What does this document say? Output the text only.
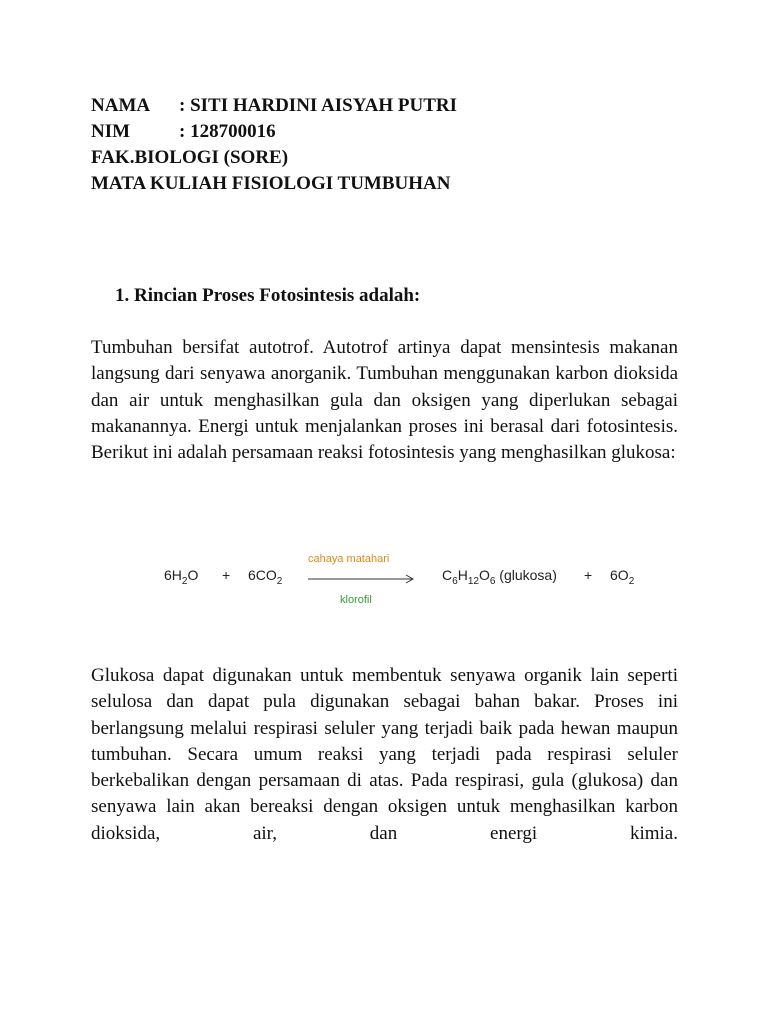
NAMA : SITI HARDINI AISYAH PUTRI

NIM	: 128700016

FAK.BIOLOGI (SORE)

MATA KULIAH FISIOLOGI TUMBUHAN

1. Rincian Proses Fotosintesis adalah:

Tumbuhan bersifat autotrof. Autotrof artinya dapat mensintesis makanan langsung dari senyawa anorganik. Tumbuhan menggunakan karbon dioksida dan air untuk menghasilkan gula dan oksigen yang diperlukan sebagai makanannya. Energi untuk menjalankan proses ini berasal dari fotosintesis. Berikut ini adalah persamaan reaksi fotosintesis yang menghasilkan glukosa:

$6H_2O + 6CO_2$
cahaya matahari
klorofil
$C_6H_{12}O_6$ (glukosa) + $6O_2$

Glukosa dapat digunakan untuk membentuk senyawa organik lain seperti selulosa dan dapat pula digunakan sebagai bahan bakar. Proses ini berlangsung melalui respirasi seluler yang terjadi baik pada hewan maupun tumbuhan. Secara umum reaksi yang terjadi pada respirasi seluler berkebalikan dengan persamaan di atas. Pada respirasi, gula (glukosa) dan senyawa lain akan bereaksi dengan oksigen untuk menghasilkan karbon dioksida, air, dan energi kimia.
